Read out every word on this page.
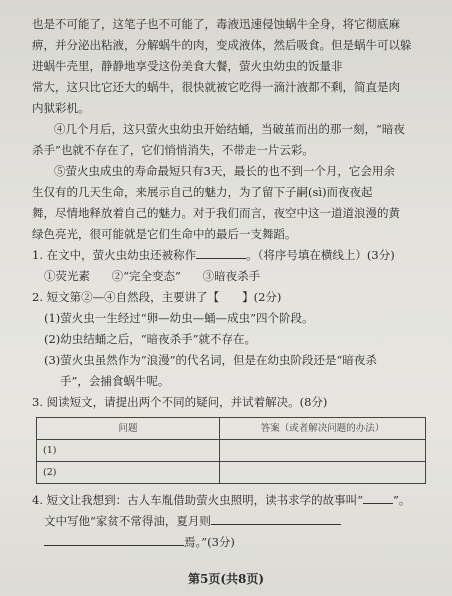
也是不可能了，这笔子也不可能了，毒液迅速侵蚀蜗牛全身，将它彻底麻
痹，并分泌出粘液，分解蜗牛的肉，变成液体，然后吸食。但是蜗牛可以躲
进蜗牛壳里，静静地享受这份美食大餐，萤火虫幼虫的饭量非
常大，这只比它还大的蜗牛，很快就被它吃得一滴汁液都不剩，简直是肉
内狱彩机。

④几个月后，这只萤火虫幼虫开始结蛹，当破茧而出的那一刻，“暗夜
杀手”也就不存在了，它们悄悄消失，不带走一片云彩。

⑤萤火虫成虫的寿命最短只有3天，最长的也不到一个月，它会用余
生仅有的几天生命，来展示自己的魅力，为了留下子嗣(sì)而夜夜起
舞，尽情地释放着自己的魅力。对于我们而言，夜空中这一道道浪漫的黄
绿色亮光，很可能就是它们生命中的最后一支舞蹈。

1. 在文中，萤火虫幼虫还被称作	。（将序号填在横线上）(3分)
①荧光素 ②“完全变态” ③暗夜杀手
2. 短文第②—④自然段，主要讲了【　　】(2分)
(1)萤火虫一生经过“卵—幼虫—蛹—成虫”四个阶段。
(2)幼虫结蛹之后，“暗夜杀手”就不存在。
(3)萤火虫虽然作为“浪漫”的代名词，但是在幼虫阶段还是“暗夜杀
手”，会捕食蜗牛呢。
3. 阅读短文，请提出两个不同的疑问，并试着解决。(8分)
问题	答案（或者解决问题的办法）
(1)	
(2)	
4. 短文让我想到：古人车胤借助萤火虫照明，读书求学的故事叫“	”。
文中写他“家贫不常得油，夏月则
焉。”(3分)
第5页(共8页)
